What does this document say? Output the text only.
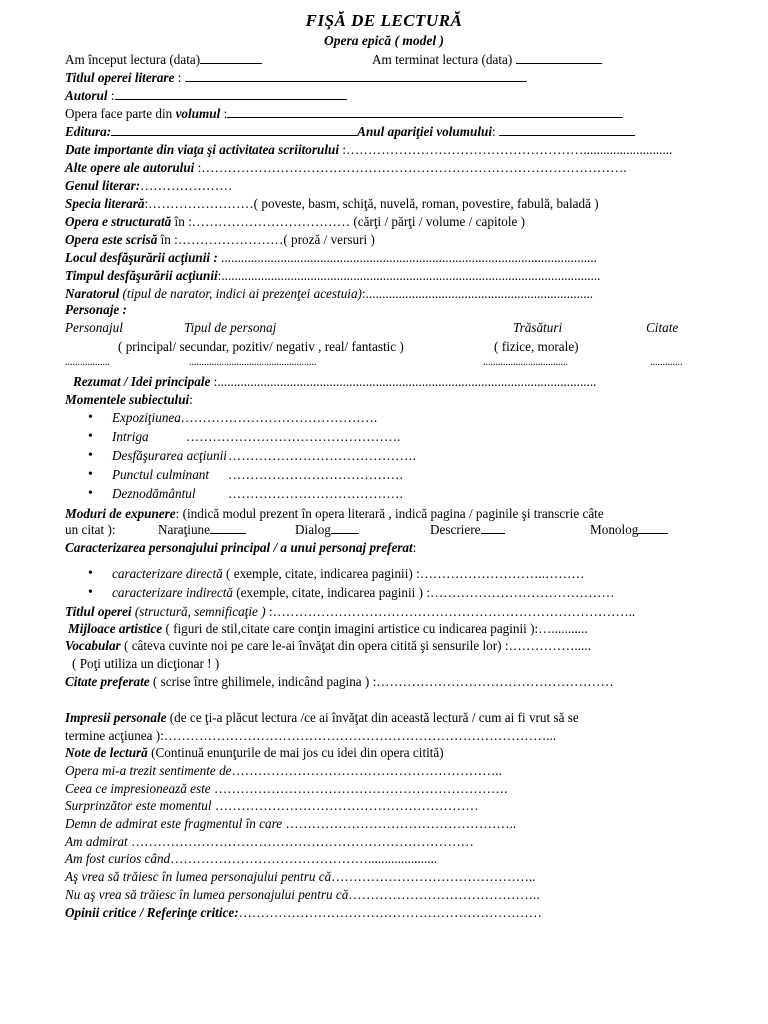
FIŞĂ DE LECTURĂ
Opera epică ( model )
Am început lectura (data)	Am terminat lectura (data)
Titlul operei literare :
Autorul :
Opera face parte din volumul :
Editura:	Anul apariţiei volumului:
Date importante din viaţa şi activitatea scriitorului :………………………………………………...........................
Alte opere ale autorului :…………………………………………………………………………………….
Genul literar:…………………
Specia literară:……………………( poveste, basm, schiţă, nuvelă, roman, povestire, fabulă, baladă )
Opera e structurată în :……………………………… (cărţi / părţi / volume / capitole )
Opera este scrisă în :……………………( proză / versuri )
Locul desfăşurării acţiunii : ..................................................................................................................
Timpul desfăşurării acţiunii:...................................................................................................................
Naratorul (tipul de narator, indici ai prezenţei acestuia):.....................................................................
Personaje :
Personajul	Tipul de personaj	Trăsături	Citate
( principal/ secundar, pozitiv/ negativ , real/ fantastic )	( fizice, morale)
..................	...................................................	..................................	.............
Rezumat / Idei principale :...................................................................................................................
Momentele subiectului:
• Expoziţiunea
……………………………………….
• Intriga	………………………………………….
• Desfăşurarea acţiunii …………………………………….
• Punctul culminant ………………………………….
• Deznodământul ………………………………….
Moduri de expunere: (indică modul prezent în opera literară , indică pagina / paginile şi transcrie câte
un citat ):	Naraţiune	Dialog	Descriere	Monolog
Caracterizarea personajului principal / a unui personaj preferat:
• caracterizare directă ( exemple, citate, indicarea paginii) :………………………..………
• caracterizare indirectă (exemple, citate, indicarea paginii ) :……………………………………
Titlul operei (structură, semnificaţie ) :………………………………………………………………………..
Mijloace artistice ( figuri de stil,citate care conţin imagini artistice cu indicarea paginii ):…...........
Vocabular ( câteva cuvinte noi pe care le-ai învăţat din opera citită şi sensurile lor) :…………….....
( Poţi utiliza un dicţionar ! )
Citate preferate ( scrise între ghilimele, indicând pagina ) :………………………………………………
Impresii personale (de ce ţi-a plăcut lectura /ce ai învăţat din această lectură / cum ai fi vrut să se
termine acţiunea ):……………………………………………………………………………...
Note de lectură (Continuă enunţurile de mai jos cu idei din opera citită)
Opera mi-a trezit sentimente de……………………………………………………..
Ceea ce impresionează este ………………………………………………………….
Surprinzător este momentul ……………………………………………………
Demn de admirat este fragmentul în care ……………………………………………..
Am admirat ……………………………………………………………………
Am fost curios când……………………………………….....................
Aş vrea să trăiesc în lumea personajului pentru că………………………………………..
Nu aş vrea să trăiesc în lumea personajului pentru că……………………………………..
Opinii critice / Referinţe critice:……………………………………………………………
